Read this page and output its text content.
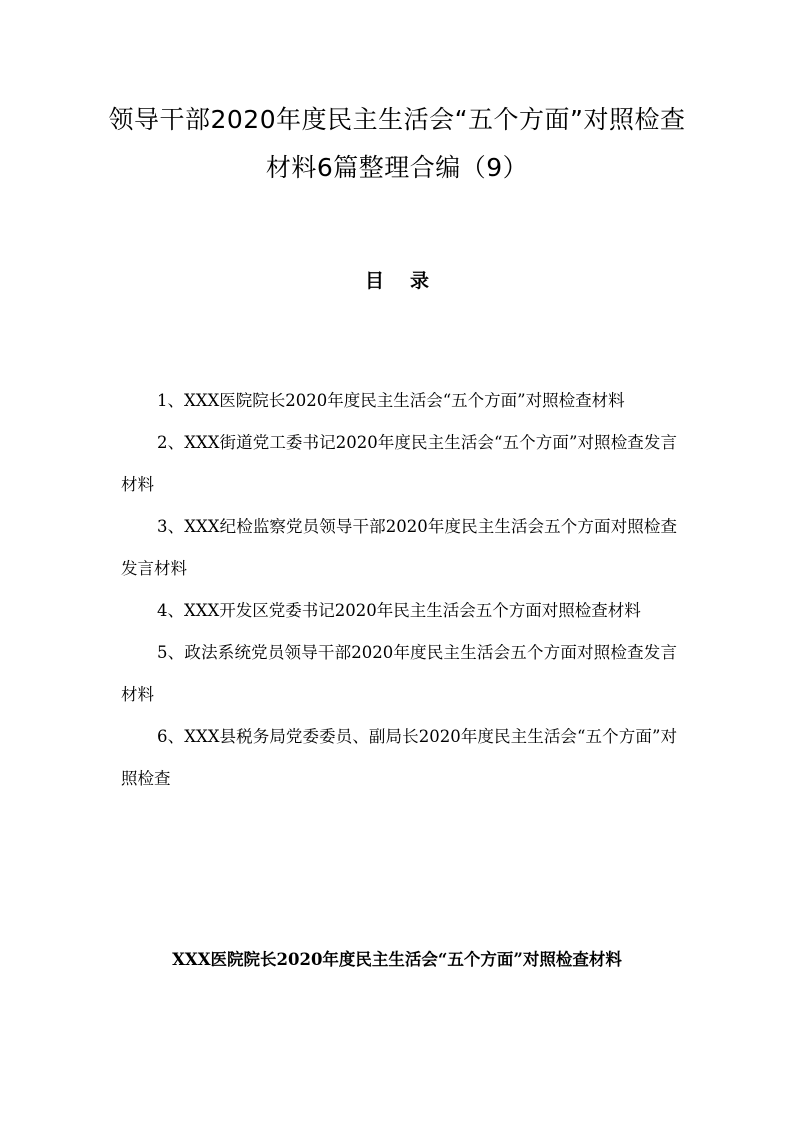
领导干部2020年度民主生活会“五个方面”对照检查
材料6篇整理合编（9）
目录
1、XXX医院院长2020年度民主生活会“五个方面”对照检查材料
2、XXX街道党工委书记2020年度民主生活会“五个方面”对照检查发言材料
3、XXX纪检监察党员领导干部2020年度民主生活会五个方面对照检查发言材料
4、XXX开发区党委书记2020年民主生活会五个方面对照检查材料
5、政法系统党员领导干部2020年度民主生活会五个方面对照检查发言材料
6、XXX县税务局党委委员、副局长2020年度民主生活会“五个方面”对照检查
XXX医院院长2020年度民主生活会“五个方面”对照检查材料
